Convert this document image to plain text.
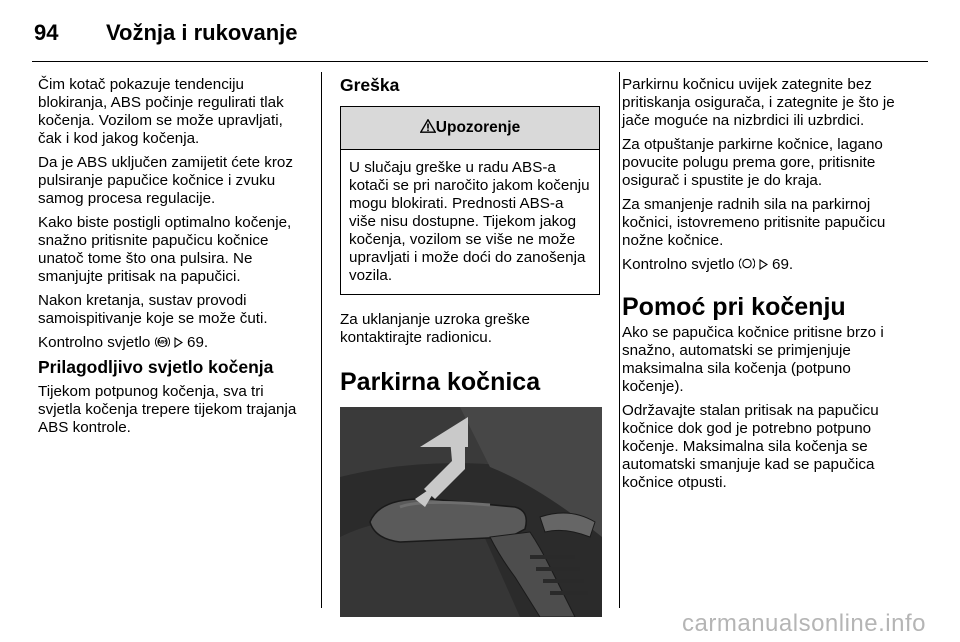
94 Vožnja i rukovanje

Čim kotač pokazuje tendenciju blokiranja, ABS počinje regulirati tlak kočenja. Vozilom se može upravljati, čak i kod jakog kočenja.

Da je ABS uključen zamijetit ćete kroz pulsiranje papučice kočnice i zvuku samog procesa regulacije.

Kako biste postigli optimalno kočenje, snažno pritisnite papučicu kočnice unatoč tome što ona pulsira. Ne smanjujte pritisak na papučici.

Nakon kretanja, sustav provodi samoispitivanje koje se može čuti.

Kontrolno svjetlo ABS 69.

Prilagodljivo svjetlo kočenja

Tijekom potpunog kočenja, sva tri svjetla kočenja trepere tijekom trajanja ABS kontrole.

Greška
Upozorenje
U slučaju greške u radu ABS-a kotači se pri naročito jakom kočenju mogu blokirati. Prednosti ABS-a više nisu dostupne. Tijekom jakog kočenja, vozilom se više ne može upravljati i može doći do zanošenja vozila.

Za uklanjanje uzroka greške kontaktirajte radionicu.

Parkirna kočnica

Parkirnu kočnicu uvijek zategnite bez pritiskanja osigurača, i zategnite je što je jače moguće na nizbrdici ili uzbrdici.

Za otpuštanje parkirne kočnice, lagano povucite polugu prema gore, pritisnite osigurač i spustite je do kraja.

Za smanjenje radnih sila na parkirnoj kočnici, istovremeno pritisnite papučicu nožne kočnice.

Kontrolno svjetlo 69.

Pomoć pri kočenju

Ako se papučica kočnice pritisne brzo i snažno, automatski se primjenjuje maksimalna sila kočenja (potpuno kočenje).

Održavajte stalan pritisak na papučicu kočnice dok god je potrebno potpuno kočenje. Maksimalna sila kočenja se automatski smanjuje kad se papučica kočnice otpusti.

carmanualsonline.info
